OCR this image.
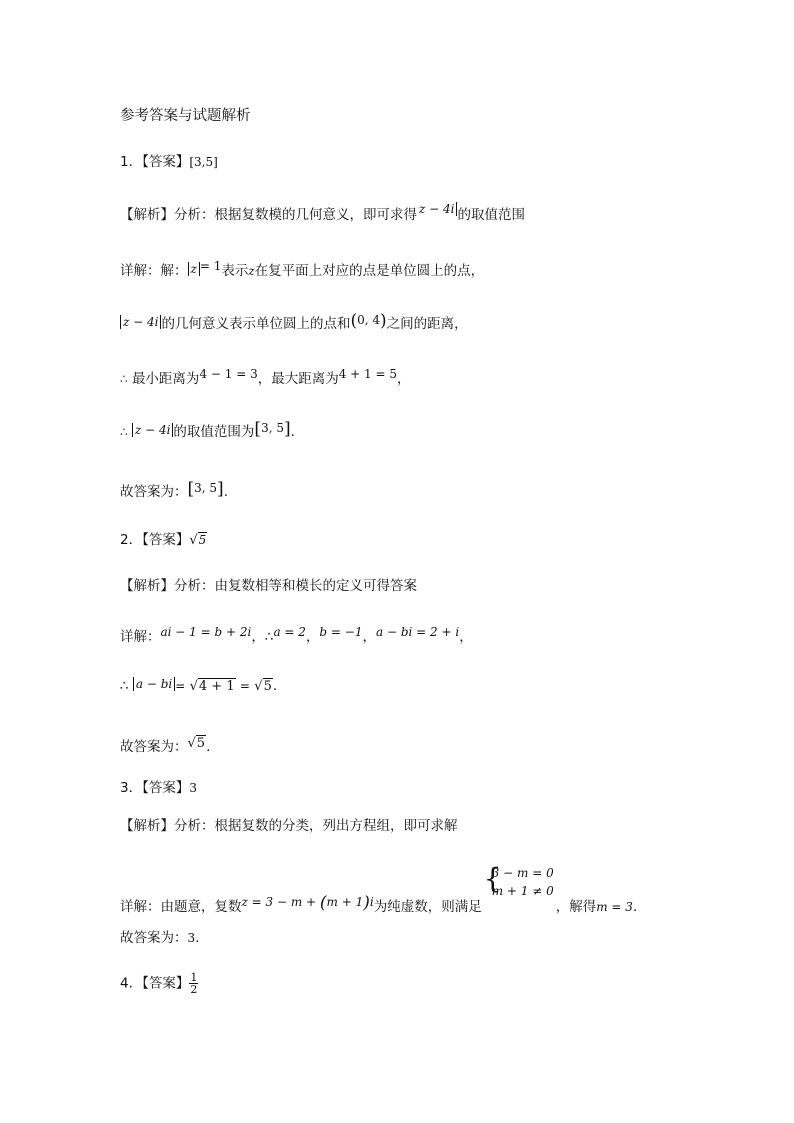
参考答案与试题解析
1．【答案】[3,5]
【解析】分析：根据复数模的几何意义，即可求得 z − 4i 的取值范围
详解：解： z = 1表示z在复平面上对应的点是单位圆上的点，
z − 4i 的几何意义表示单位圆上的点和(0, 4)之间的距离，
∴ 最小距离为4 − 1 = 3，最大距离为4 + 1 = 5，
∴ z − 4i 的取值范围为[3, 5].
故答案为：[3, 5].
2．【答案】√5
【解析】分析：由复数相等和模长的定义可得答案
详解：ai − 1 = b + 2i，∴a = 2，b = −1，a − bi = 2 + i，
∴ a − bi = √4 + 1 = √5.
故答案为：√5.
3．【答案】3
【解析】分析：根据复数的分类，列出方程组，即可求解
详解：由题意，复数z = 3 − m + (m + 1)i为纯虚数，则满足
{
3 − m = 0
m + 1 ≠ 0
，解得m = 3.
故答案为：3.
4．【答案】 $\frac{1}{2}$
